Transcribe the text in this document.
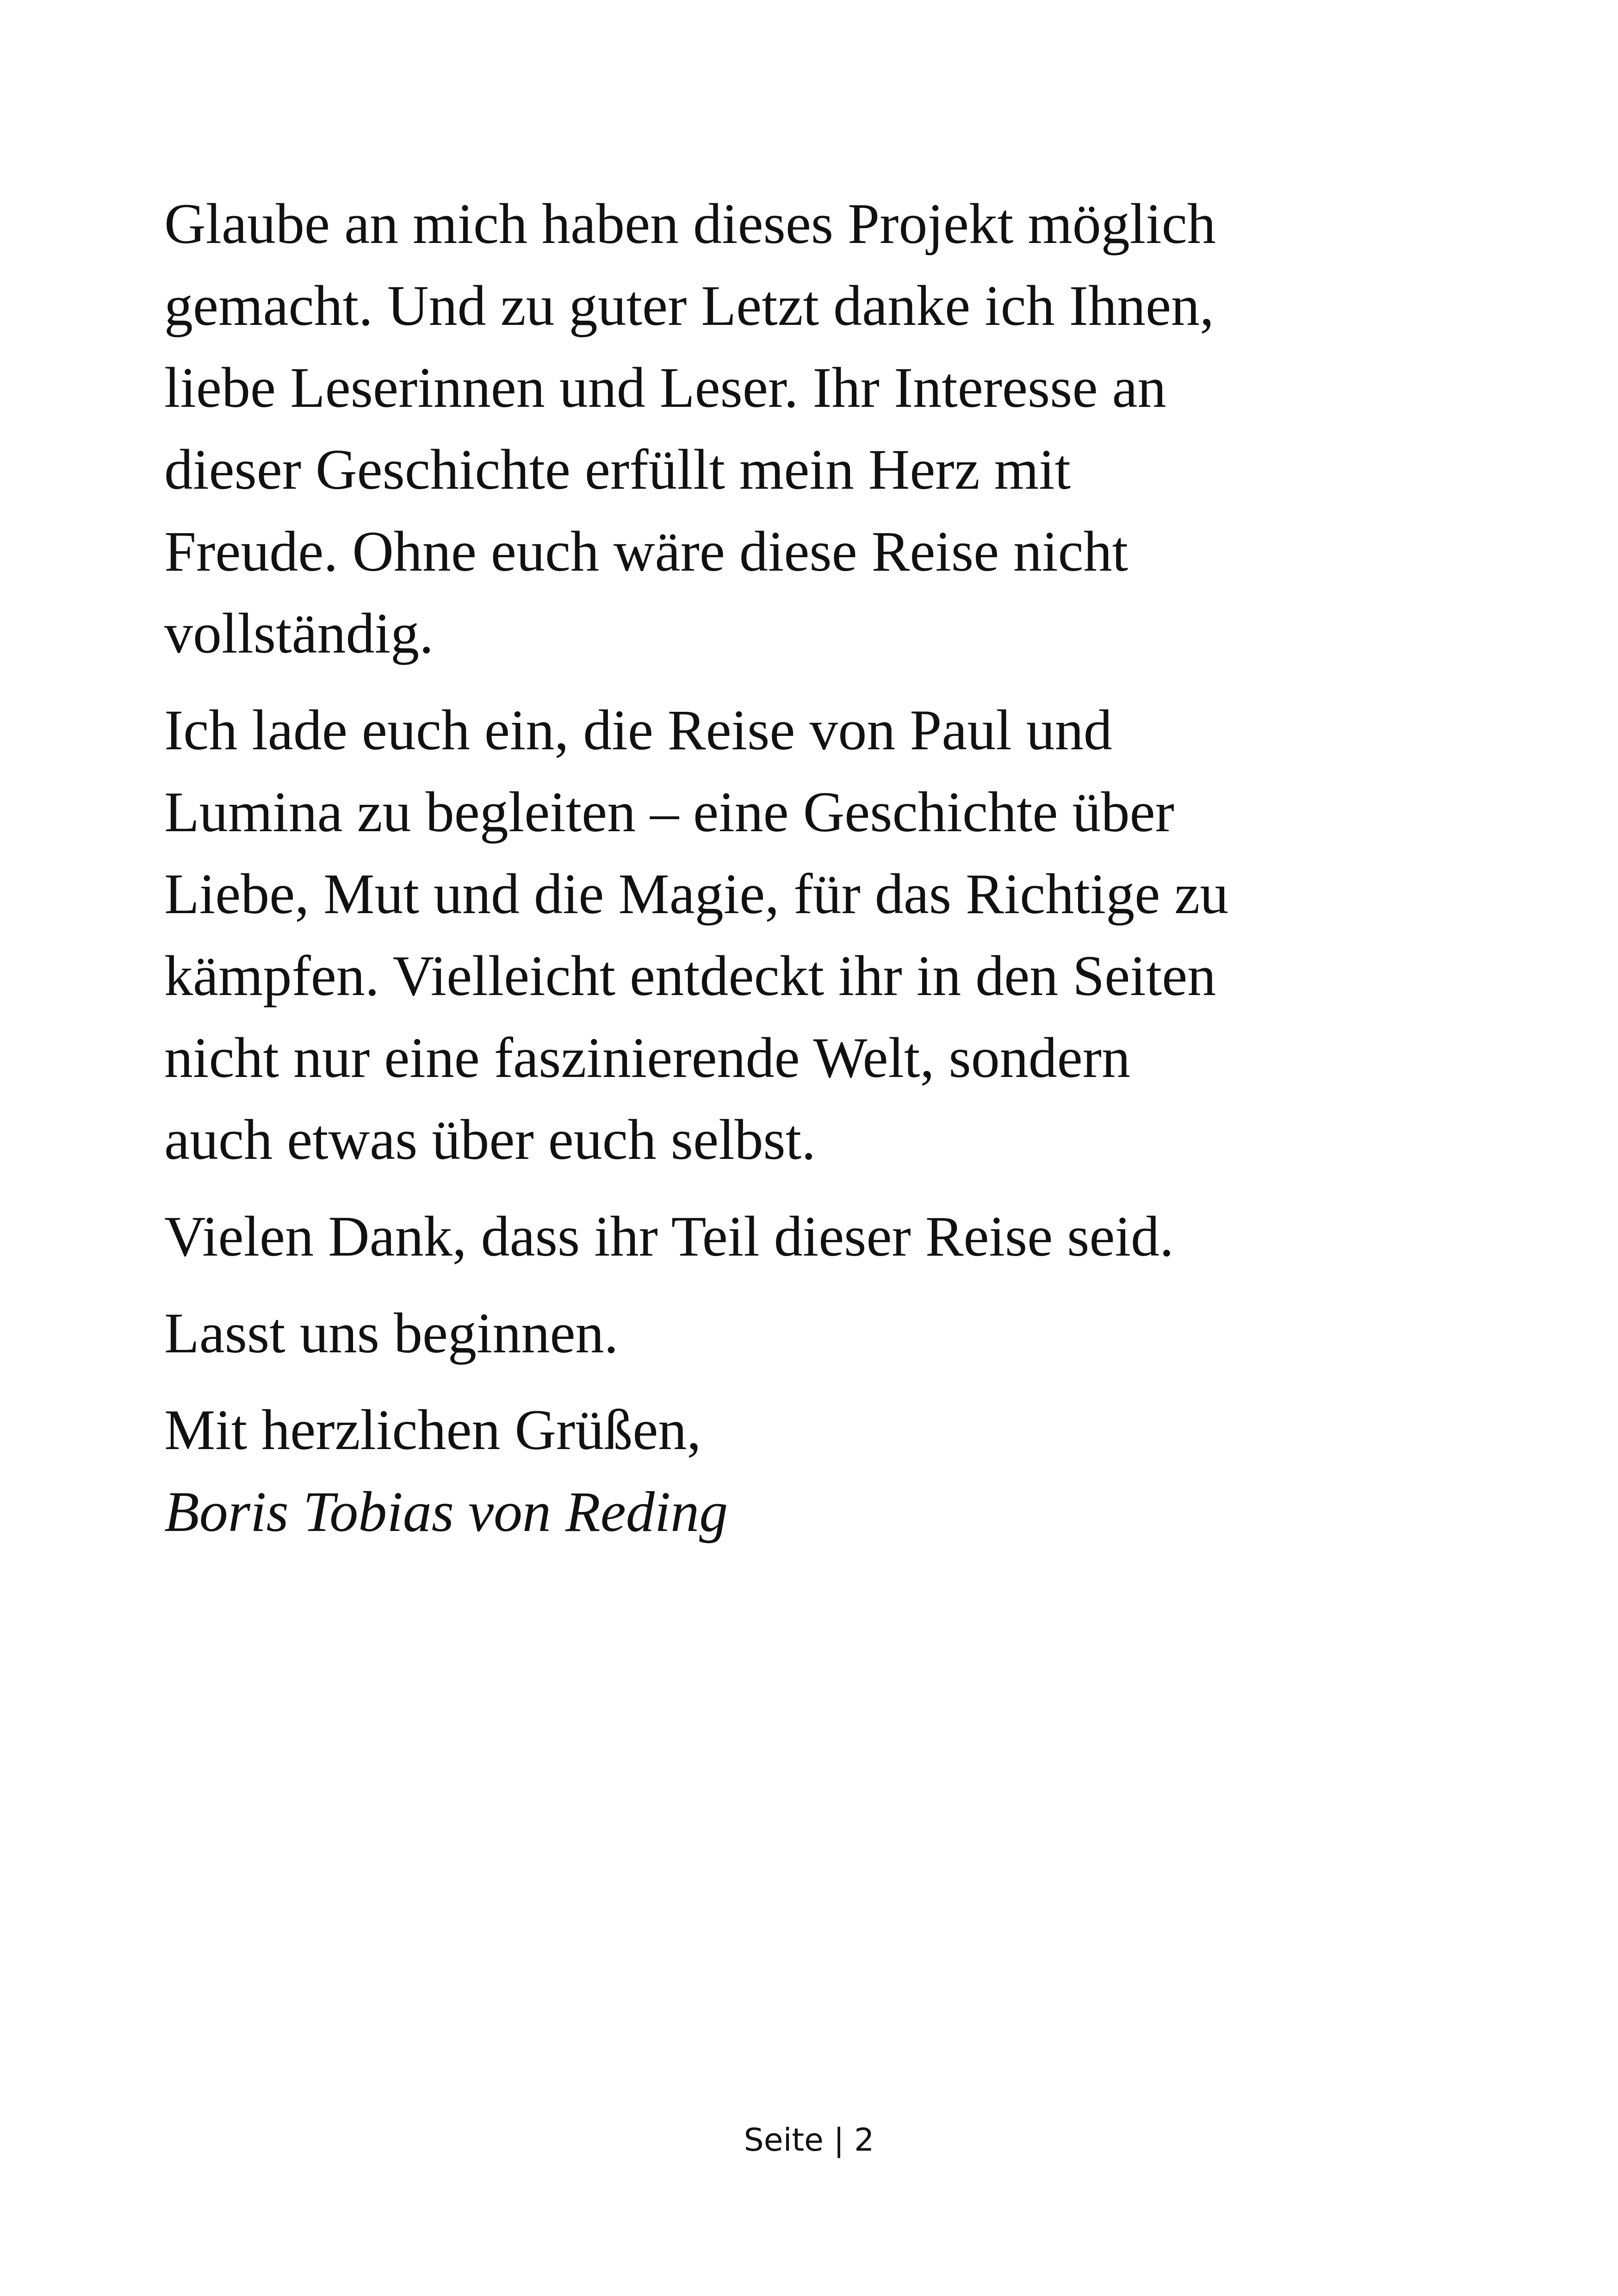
Glaube an mich haben dieses Projekt möglich
gemacht. Und zu guter Letzt danke ich Ihnen,
liebe Leserinnen und Leser. Ihr Interesse an
dieser Geschichte erfüllt mein Herz mit
Freude. Ohne euch wäre diese Reise nicht
vollständig.

Ich lade euch ein, die Reise von Paul und
Lumina zu begleiten – eine Geschichte über
Liebe, Mut und die Magie, für das Richtige zu
kämpfen. Vielleicht entdeckt ihr in den Seiten
nicht nur eine faszinierende Welt, sondern
auch etwas über euch selbst.

Vielen Dank, dass ihr Teil dieser Reise seid.

Lasst uns beginnen.

Mit herzlichen Grüßen,
Boris Tobias von Reding

Seite | 2
